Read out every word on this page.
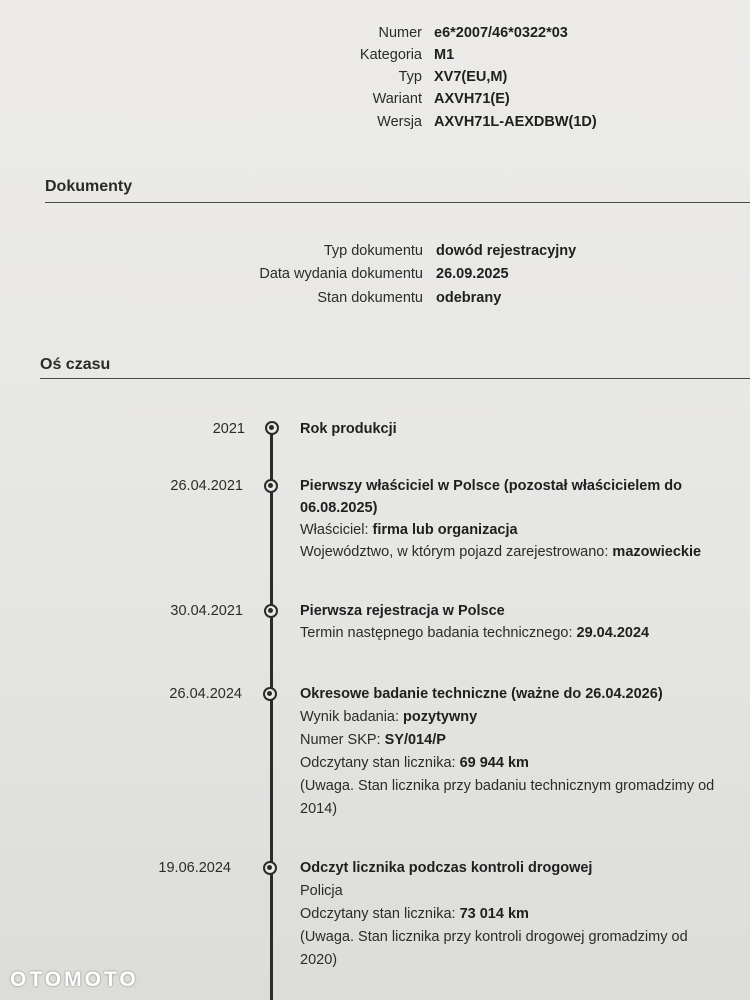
Numer e6*2007/46*0322*03
Kategoria M1
Typ XV7(EU,M)
Wariant AXVH71(E)
Wersja AXVH71L-AEXDBW(1D)
Dokumenty
Typ dokumentu dowód rejestracyjny
Data wydania dokumentu 26.09.2025
Stan dokumentu odebrany
Oś czasu
2021	Rok produkcji
26.04.2021	Pierwszy właściciel w Polsce (pozostał właścicielem do
06.08.2025)
Właściciel: firma lub organizacja
Województwo, w którym pojazd zarejestrowano: mazowieckie
30.04.2021	Pierwsza rejestracja w Polsce
Termin następnego badania technicznego: 29.04.2024
26.04.2024	Okresowe badanie techniczne (ważne do 26.04.2026)
Wynik badania: pozytywny
Numer SKP: SY/014/P
Odczytany stan licznika: 69 944 km
(Uwaga. Stan licznika przy badaniu technicznym gromadzimy od
2014)
19.06.2024	Odczyt licznika podczas kontroli drogowej
Policja
Odczytany stan licznika: 73 014 km
(Uwaga. Stan licznika przy kontroli drogowej gromadzimy od
2020)
OTOMOTO
